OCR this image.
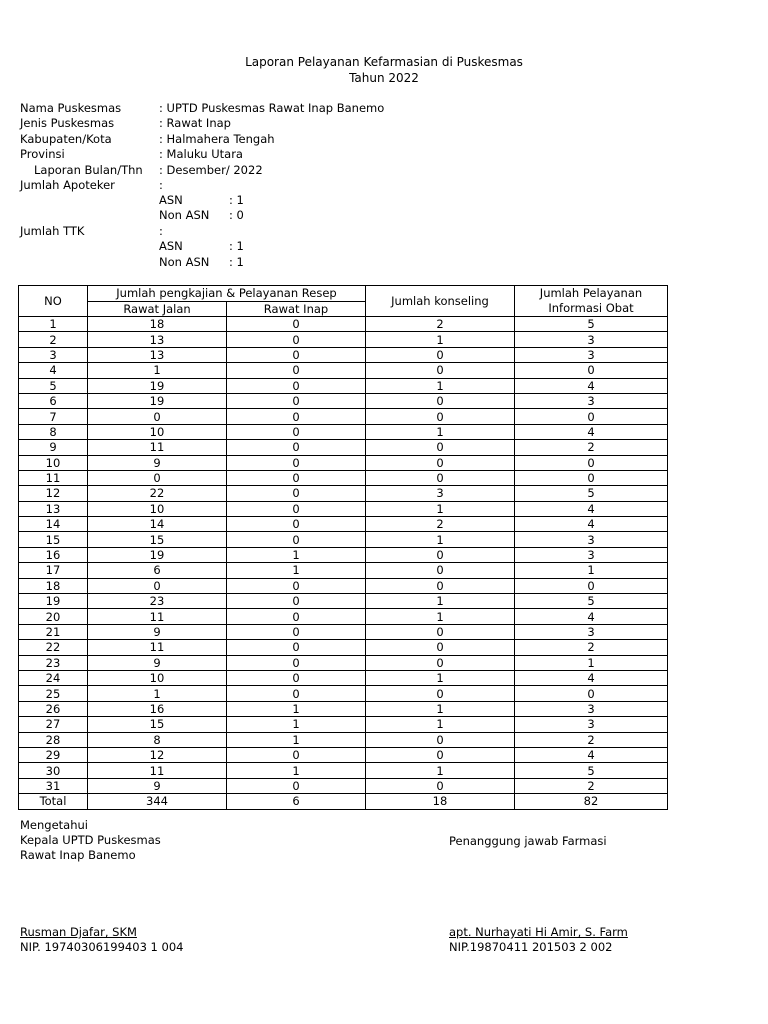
Laporan Pelayanan Kefarmasian di Puskesmas
Tahun 2022
Nama Puskesmas	: UPTD Puskesmas Rawat Inap Banemo
Jenis Puskesmas	: Rawat Inap
Kabupaten/Kota	: Halmahera Tengah
Provinsi	: Maluku Utara
Laporan Bulan/Thn : Desember/ 2022
Jumlah Apoteker	:
ASN	: 1
Non ASN : 0
Jumlah TTK	:
ASN	: 1
Non ASN : 1
NO	Jumlah pengkajian & Pelayanan Resep		Jumlah konseling	Jumlah Pelayanan
Informasi Obat
	Rawat Jalan	Rawat Inap		
1	18	0	2	5
2	13	0	1	3
3	13	0	0	3
4	1	0	0	0
5	19	0	1	4
6	19	0	0	3
7	0	0	0	0
8	10	0	1	4
9	11	0	0	2
10	9	0	0	0
11	0	0	0	0
12	22	0	3	5
13	10	0	1	4
14	14	0	2	4
15	15	0	1	3
16	19	1	0	3
17	6	1	0	1
18	0	0	0	0
19	23	0	1	5
20	11	0	1	4
21	9	0	0	3
22	11	0	0	2
23	9	0	0	1
24	10	0	1	4
25	1	0	0	0
26	16	1	1	3
27	15	1	1	3
28	8	1	0	2
29	12	0	0	4
30	11	1	1	5
31	9	0	0	2
Total	344	6	18	82
Mengetahui
Kepala UPTD Puskesmas
Rawat Inap Banemo
Penanggung jawab Farmasi
Rusman Djafar, SKM
NIP. 19740306199403 1 004
apt. Nurhayati Hi Amir, S. Farm
NIP.19870411 201503 2 002
